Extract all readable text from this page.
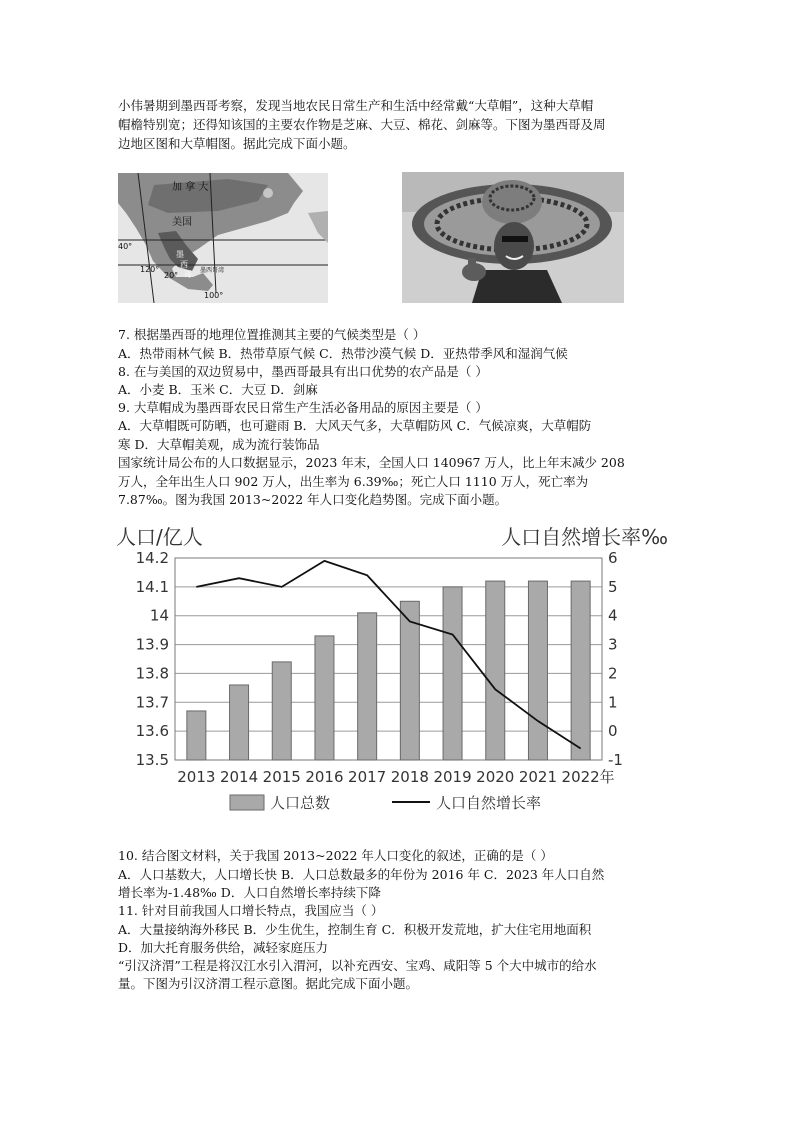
小伟暑期到墨西哥考察，发现当地农民日常生产和生活中经常戴“大草帽”，这种大草帽
帽檐特别宽；还得知该国的主要农作物是芝麻、大豆、棉花、剑麻等。下图为墨西哥及周
边地区图和大草帽图。据此完成下面小题。
加 拿 大
美国
墨
西
哥 墨西哥湾
40°
120°
20°
100°
7. 根据墨西哥的地理位置推测其主要的气候类型是（ ）
A．热带雨林气候 B．热带草原气候 C．热带沙漠气候 D．亚热带季风和湿润气候
8. 在与美国的双边贸易中，墨西哥最具有出口优势的农产品是（ ）
A．小麦 B．玉米 C．大豆 D．剑麻
9. 大草帽成为墨西哥农民日常生产生活必备用品的原因主要是（ ）
A．大草帽既可防晒，也可避雨 B．大风天气多，大草帽防风 C．气候凉爽，大草帽防
寒 D．大草帽美观，成为流行装饰品
国家统计局公布的人口数据显示，2023 年末，全国人口 140967 万人，比上年末减少 208
万人，全年出生人口 902 万人，出生率为 6.39‰；死亡人口 1110 万人，死亡率为
7.87‰。图为我国 2013~2022 年人口变化趋势图。完成下面小题。
14.2
14.1
14
13.9
13.8
13.7
13.6
13.5
6
5
4
3
2
1
0
-1
2013 2014 2015 2016 2017 2018 2019 2020 2021 2022 年
人口/亿人	人口自然增长率‰
人口总数	人口自然增长率
10. 结合图文材料，关于我国 2013~2022 年人口变化的叙述，正确的是（ ）
A．人口基数大，人口增长快 B．人口总数最多的年份为 2016 年 C．2023 年人口自然
增长率为-1.48‰ D．人口自然增长率持续下降
11. 针对目前我国人口增长特点，我国应当（ ）
A．大量接纳海外移民 B．少生优生，控制生育 C．积极开发荒地，扩大住宅用地面积
D．加大托育服务供给，减轻家庭压力
“引汉济渭”工程是将汉江水引入渭河，以补充西安、宝鸡、咸阳等 5 个大中城市的给水
量。下图为引汉济渭工程示意图。据此完成下面小题。
